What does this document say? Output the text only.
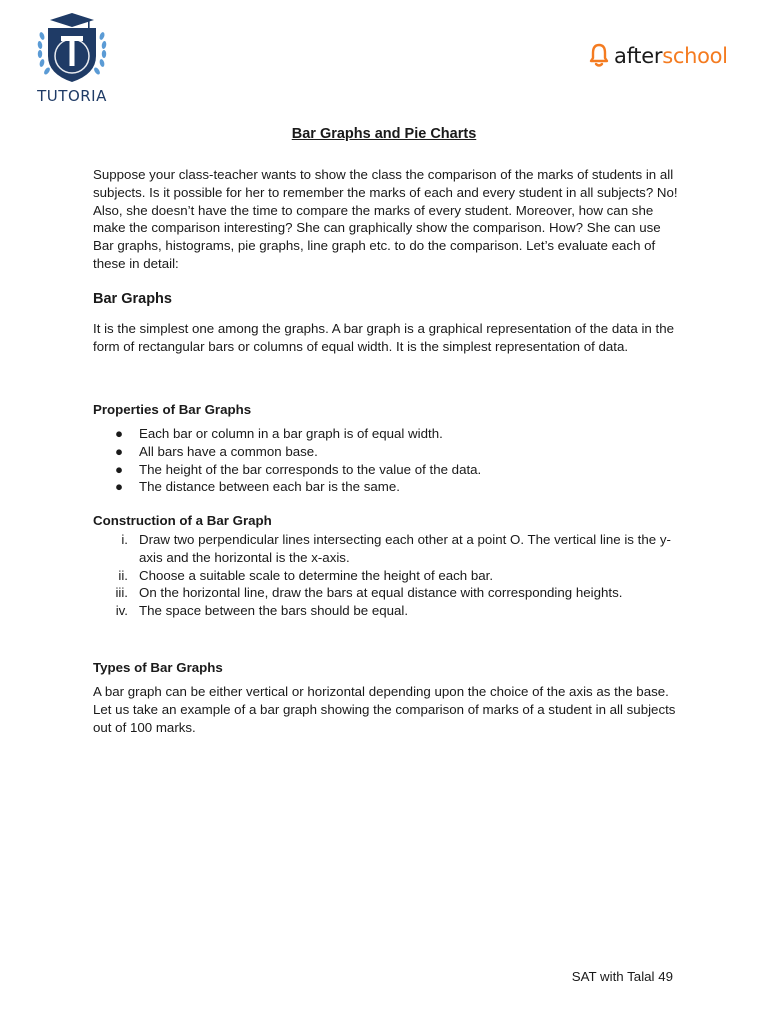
TUTORIA
after school
Bar Graphs and Pie Charts

Suppose your class-teacher wants to show the class the comparison of the marks of students in all subjects. Is it possible for her to remember the marks of each and every student in all subjects? No! Also, she doesn’t have the time to compare the marks of every student. Moreover, how can she make the comparison interesting? She can graphically show the comparison. How? She can use Bar graphs, histograms, pie graphs, line graph etc. to do the comparison. Let’s evaluate each of these in detail:

Bar Graphs

It is the simplest one among the graphs. A bar graph is a graphical representation of the data in the form of rectangular bars or columns of equal width. It is the simplest representation of data.

Properties of Bar Graphs
● Each bar or column in a bar graph is of equal width.
● All bars have a common base.
● The height of the bar corresponds to the value of the data.
● The distance between each bar is the same.
Construction of a Bar Graph
i. Draw two perpendicular lines intersecting each other at a point O. The vertical line is the y-axis and the horizontal is the x-axis.
ii. Choose a suitable scale to determine the height of each bar.
iii. On the horizontal line, draw the bars at equal distance with corresponding heights.
iv. The space between the bars should be equal.
Types of Bar Graphs

A bar graph can be either vertical or horizontal depending upon the choice of the axis as the base. Let us take an example of a bar graph showing the comparison of marks of a student in all subjects out of 100 marks.

SAT with Talal 49
